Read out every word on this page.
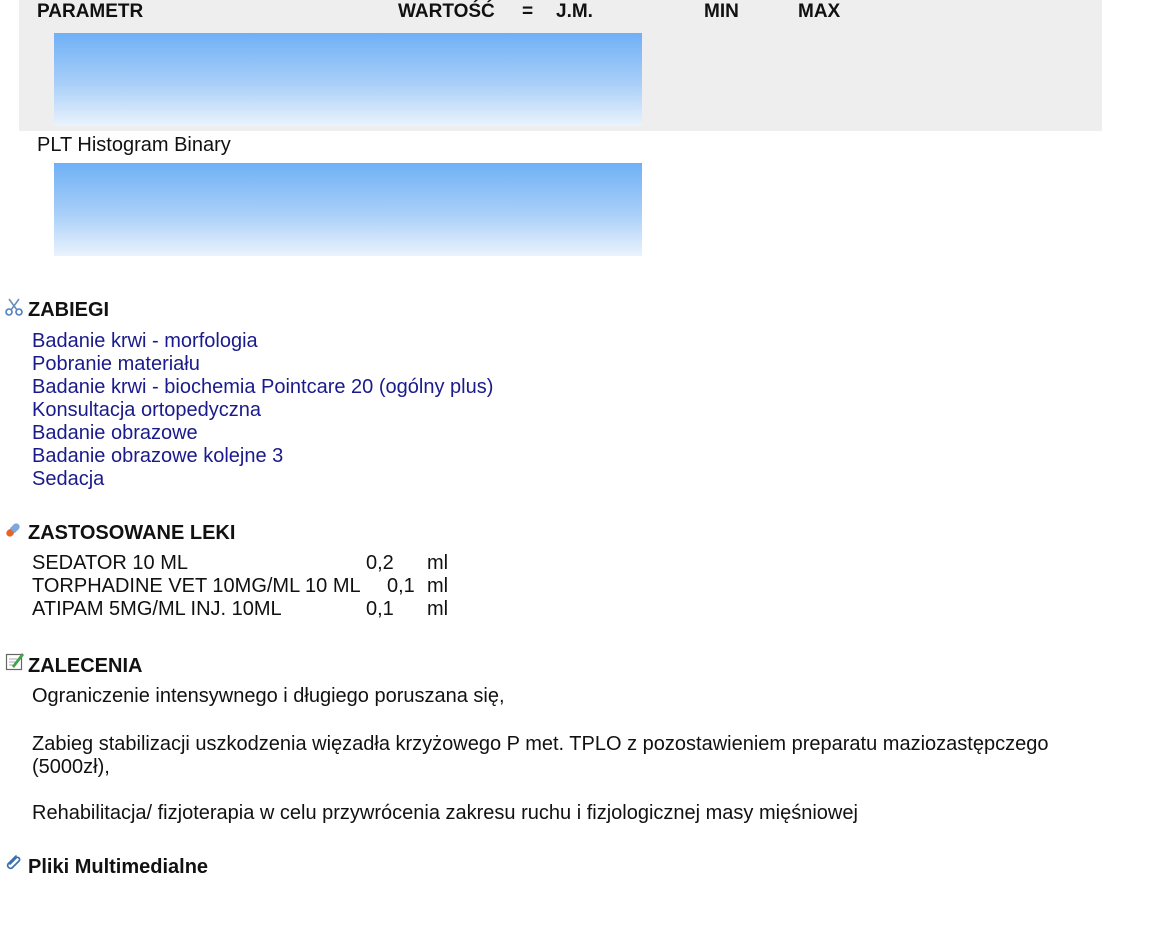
PARAMETR	WARTOŚĆ = J.M.	MIN	MAX
PLT Histogram Binary
ZABIEGI
Badanie krwi - morfologia
Pobranie materiału
Badanie krwi - biochemia Pointcare 20 (ogólny plus)
Konsultacja ortopedyczna
Badanie obrazowe
Badanie obrazowe kolejne 3
Sedacja
ZASTOSOWANE LEKI
SEDATOR 10 ML	0,2 ml
TORPHADINE VET 10MG/ML 10 ML 0,1 ml
ATIPAM 5MG/ML INJ. 10ML	0,1 ml
ZALECENIA
Ograniczenie intensywnego i długiego poruszana się,
Zabieg stabilizacji uszkodzenia więzadła krzyżowego P met. TPLO z pozostawieniem preparatu maziozastępczego (5000zł),
Rehabilitacja/ fizjoterapia w celu przywrócenia zakresu ruchu i fizjologicznej masy mięśniowej
Pliki Multimedialne
